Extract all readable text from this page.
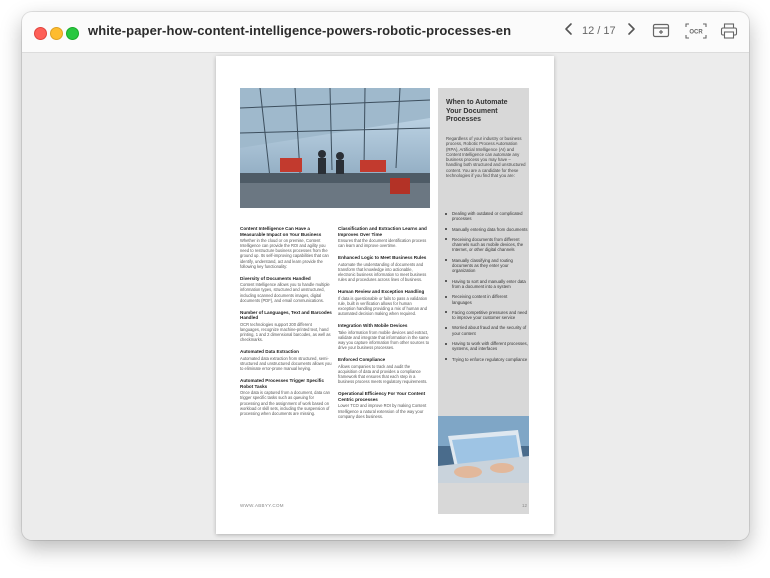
white-paper-how-content-intelligence-powers-robotic-processes-en	12 / 17	OCR
Content Intelligence Can Have a Measurable Impact on Your Business
Whether in the cloud or on premise, Content Intelligence can provide the ROI and agility you need to restructure business processes from the ground up. Its self-improving capabilities that can identify, understand, act and learn provide the following key functionality:
Diversity of Documents Handled
Content Intelligence allows you to handle multiple information types, structured and unstructured, including scanned documents images, digital documents (PDF), and email communications.
Number of Languages, Text and Barcodes Handled
OCR technologies support 200 different languages, recognize machine-printed text, hand printing, 1 and 2 dimensional barcodes, as well as checkmarks.
Automated Data Extraction
Automated data extraction from structured, semi-structured and unstructured documents allows you to eliminate error-prone manual keying.
Automated Processes Trigger Specific Robot Tasks
Once data is captured from a document, data can trigger specific tasks such as queuing for processing and the assignment of work based on workload or skill sets, including the suspension of processing when documents are missing.
Classification and Extraction Learns and Improves Over Time
Ensures that the document identification process can learn and improve overtime.
Enhanced Logic to Meet Business Rules
Automate the understanding of documents and transform that knowledge into actionable, electronic business information to meet business rules and procedures across lines of business.
Human Review and Exception Handling
If data is questionable or fails to pass a validation rule, built in verification allows for human exception handling providing a mix of human and automated decision making when required.
Integration With Mobile Devices
Take information from mobile devices and extract, validate and integrate that information in the same way you capture information from other sources to drive your business processes.
Enforced Compliance
Allows companies to track and audit the acquisition of data and provides a compliance framework that ensures that each step in a business process meets regulatory requirements.
Operational Efficiency For Your Content Centric processes
Lower TCO and improve ROI by making Content Intelligence a natural extension of the way your company does business.
When to Automate Your Document Processes
Regardless of your industry or business process, Robotic Process Automation (RPA), Artificial Intelligence (AI) and Content Intelligence can automate any business process you may have – handling both structured and unstructured content. You are a candidate for these technologies if you find that you are:
Dealing with outdated or complicated processes
Manually entering data from documents
Receiving documents from different channels such as mobile devices, the Internet, or other digital channels
Manually classifying and routing documents as they enter your organization
Having to sort and manually enter data from a document into a system
Receiving content in different languages
Facing competitive pressures and need to improve your customer service
Worried about fraud and the security of your content
Having to work with different processes, systems, and interfaces
Trying to enforce regulatory compliance
WWW.ABBYY.COM	12
